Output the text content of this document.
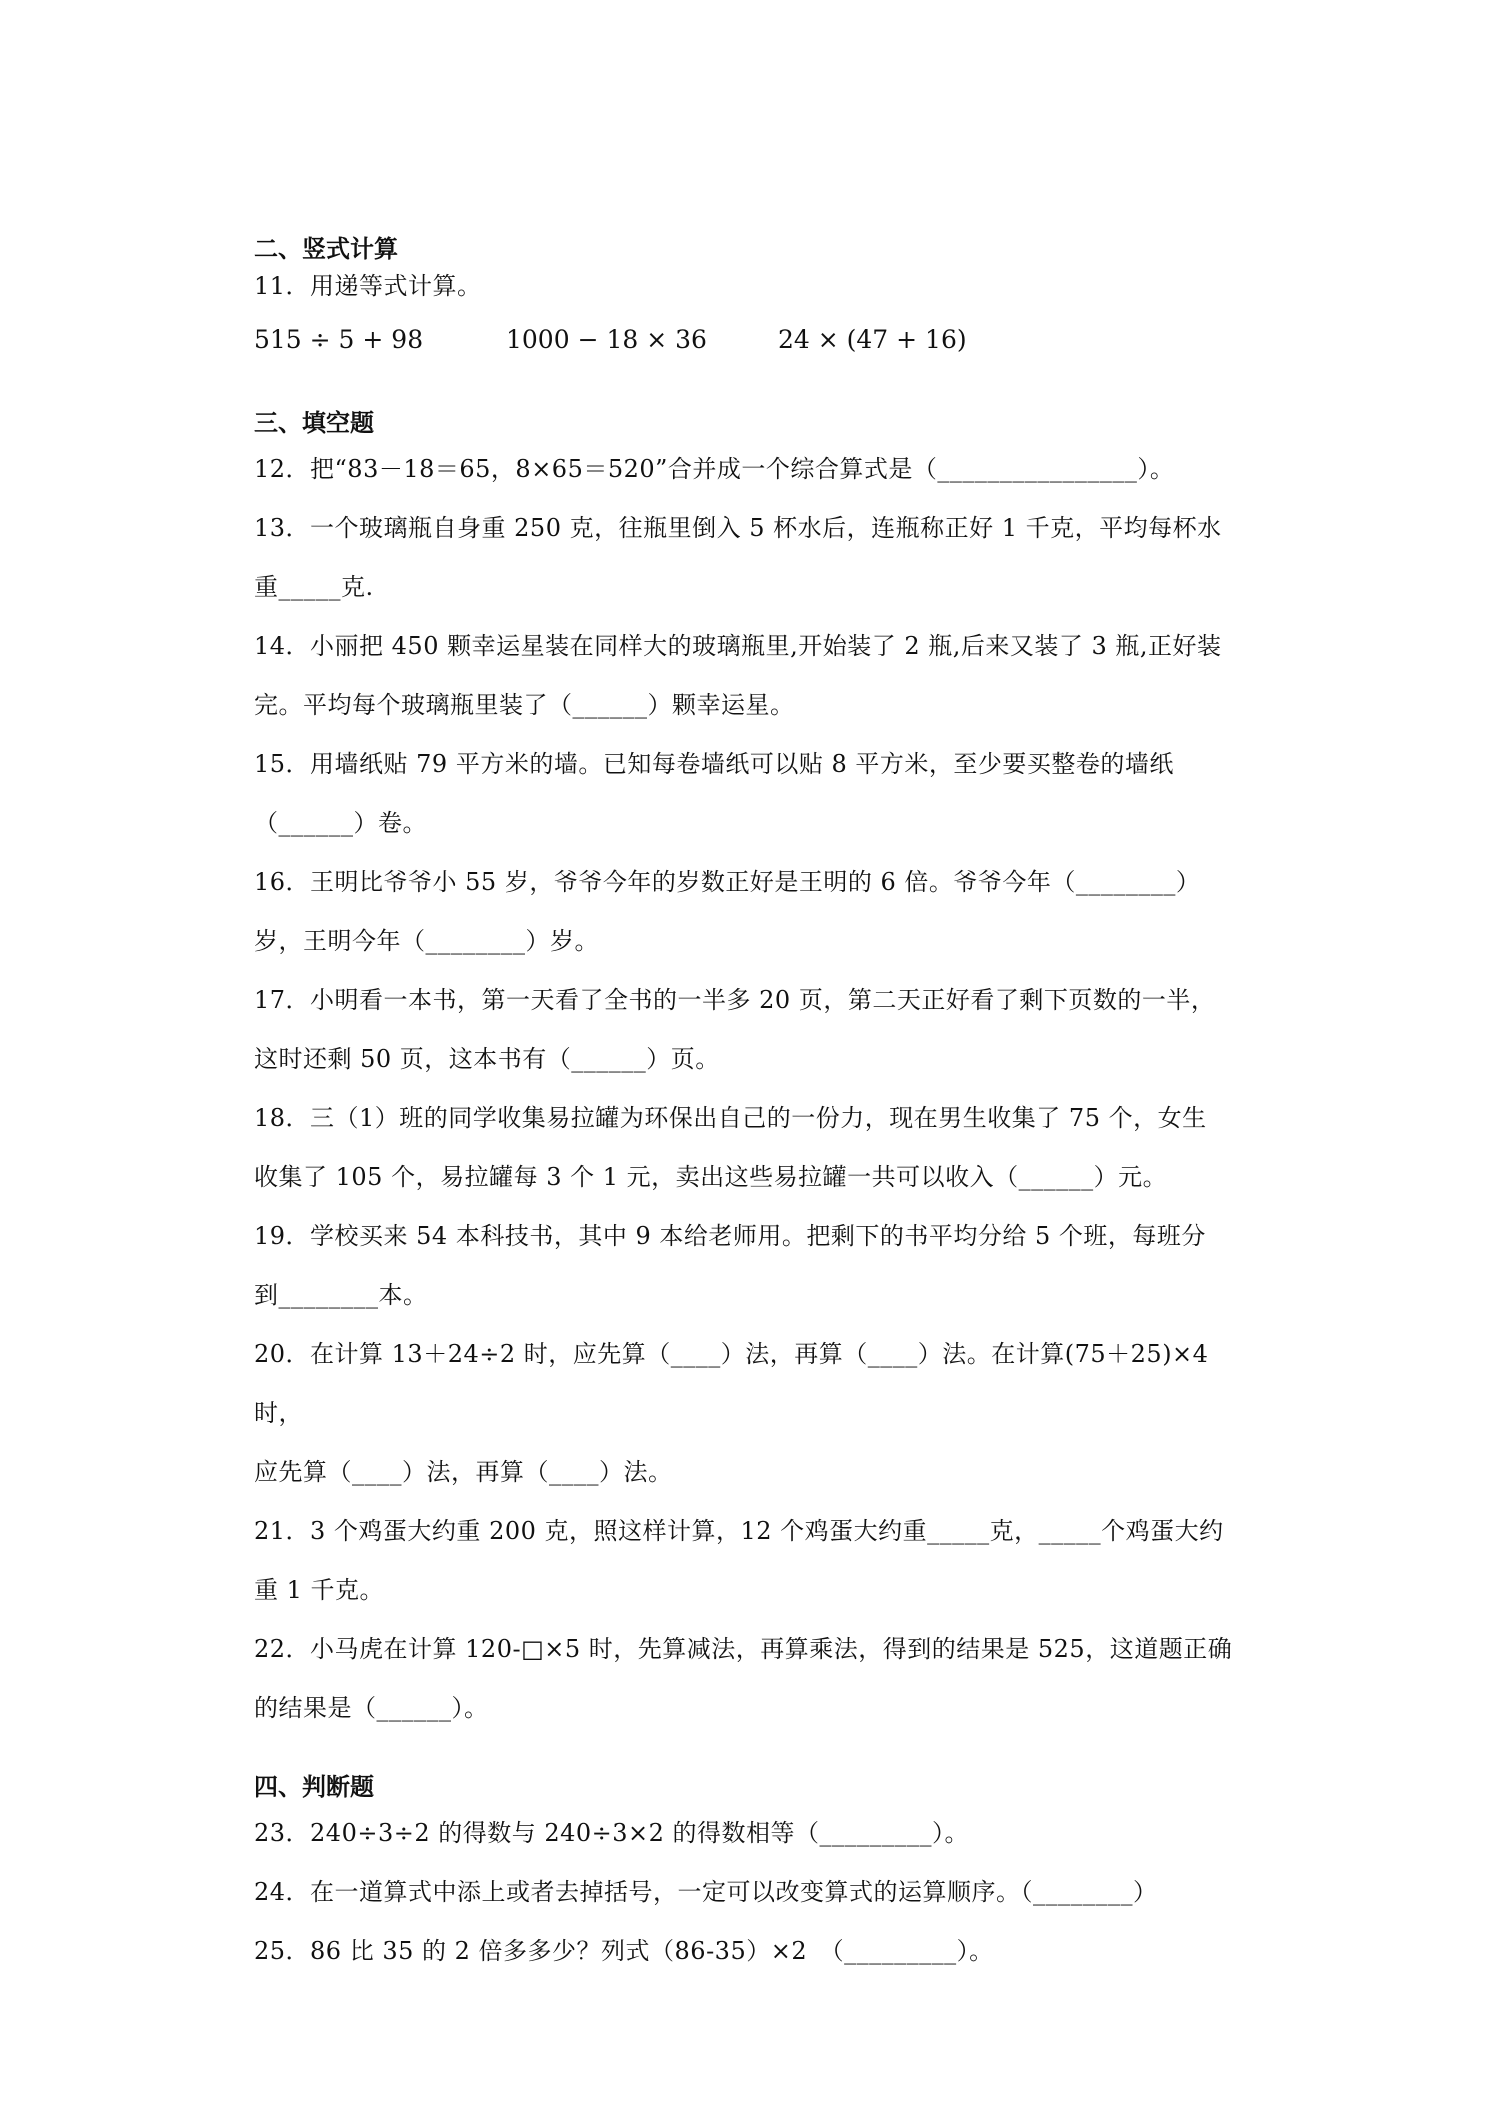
二、竖式计算

11．用递等式计算。

515 ÷ 5 + 98	1000 − 18 × 36	24 × (47 + 16)

三、填空题

12．把“83－18＝65，8×65＝520”合并成一个综合算式是（________________）。

13．一个玻璃瓶自身重 250 克，往瓶里倒入 5 杯水后，连瓶称正好 1 千克，平均每杯水

重_____克.

14．小丽把 450 颗幸运星装在同样大的玻璃瓶里,开始装了 2 瓶,后来又装了 3 瓶,正好装

完。平均每个玻璃瓶里装了（______）颗幸运星。

15．用墙纸贴 79 平方米的墙。已知每卷墙纸可以贴 8 平方米，至少要买整卷的墙纸

（______）卷。

16．王明比爷爷小 55 岁，爷爷今年的岁数正好是王明的 6 倍。爷爷今年（________）

岁，王明今年（________）岁。

17．小明看一本书，第一天看了全书的一半多 20 页，第二天正好看了剩下页数的一半，

这时还剩 50 页，这本书有（______）页。

18．三（1）班的同学收集易拉罐为环保出自己的一份力，现在男生收集了 75 个，女生

收集了 105 个，易拉罐每 3 个 1 元，卖出这些易拉罐一共可以收入（______）元。

19．学校买来 54 本科技书，其中 9 本给老师用。把剩下的书平均分给 5 个班，每班分

到________本。

20．在计算 13＋24÷2 时，应先算（____）法，再算（____）法。在计算(75＋25)×4 时，

应先算（____）法，再算（____）法。

21．3 个鸡蛋大约重 200 克，照这样计算，12 个鸡蛋大约重_____克，_____个鸡蛋大约

重 1 千克。

22．小马虎在计算 120-□×5 时，先算减法，再算乘法，得到的结果是 525，这道题正确

的结果是（______）。

四、判断题

23．240÷3÷2 的得数与 240÷3×2 的得数相等（_________）。

24．在一道算式中添上或者去掉括号，一定可以改变算式的运算顺序。（________）

25．86 比 35 的 2 倍多多少？列式（86-35）×2　（_________）。
